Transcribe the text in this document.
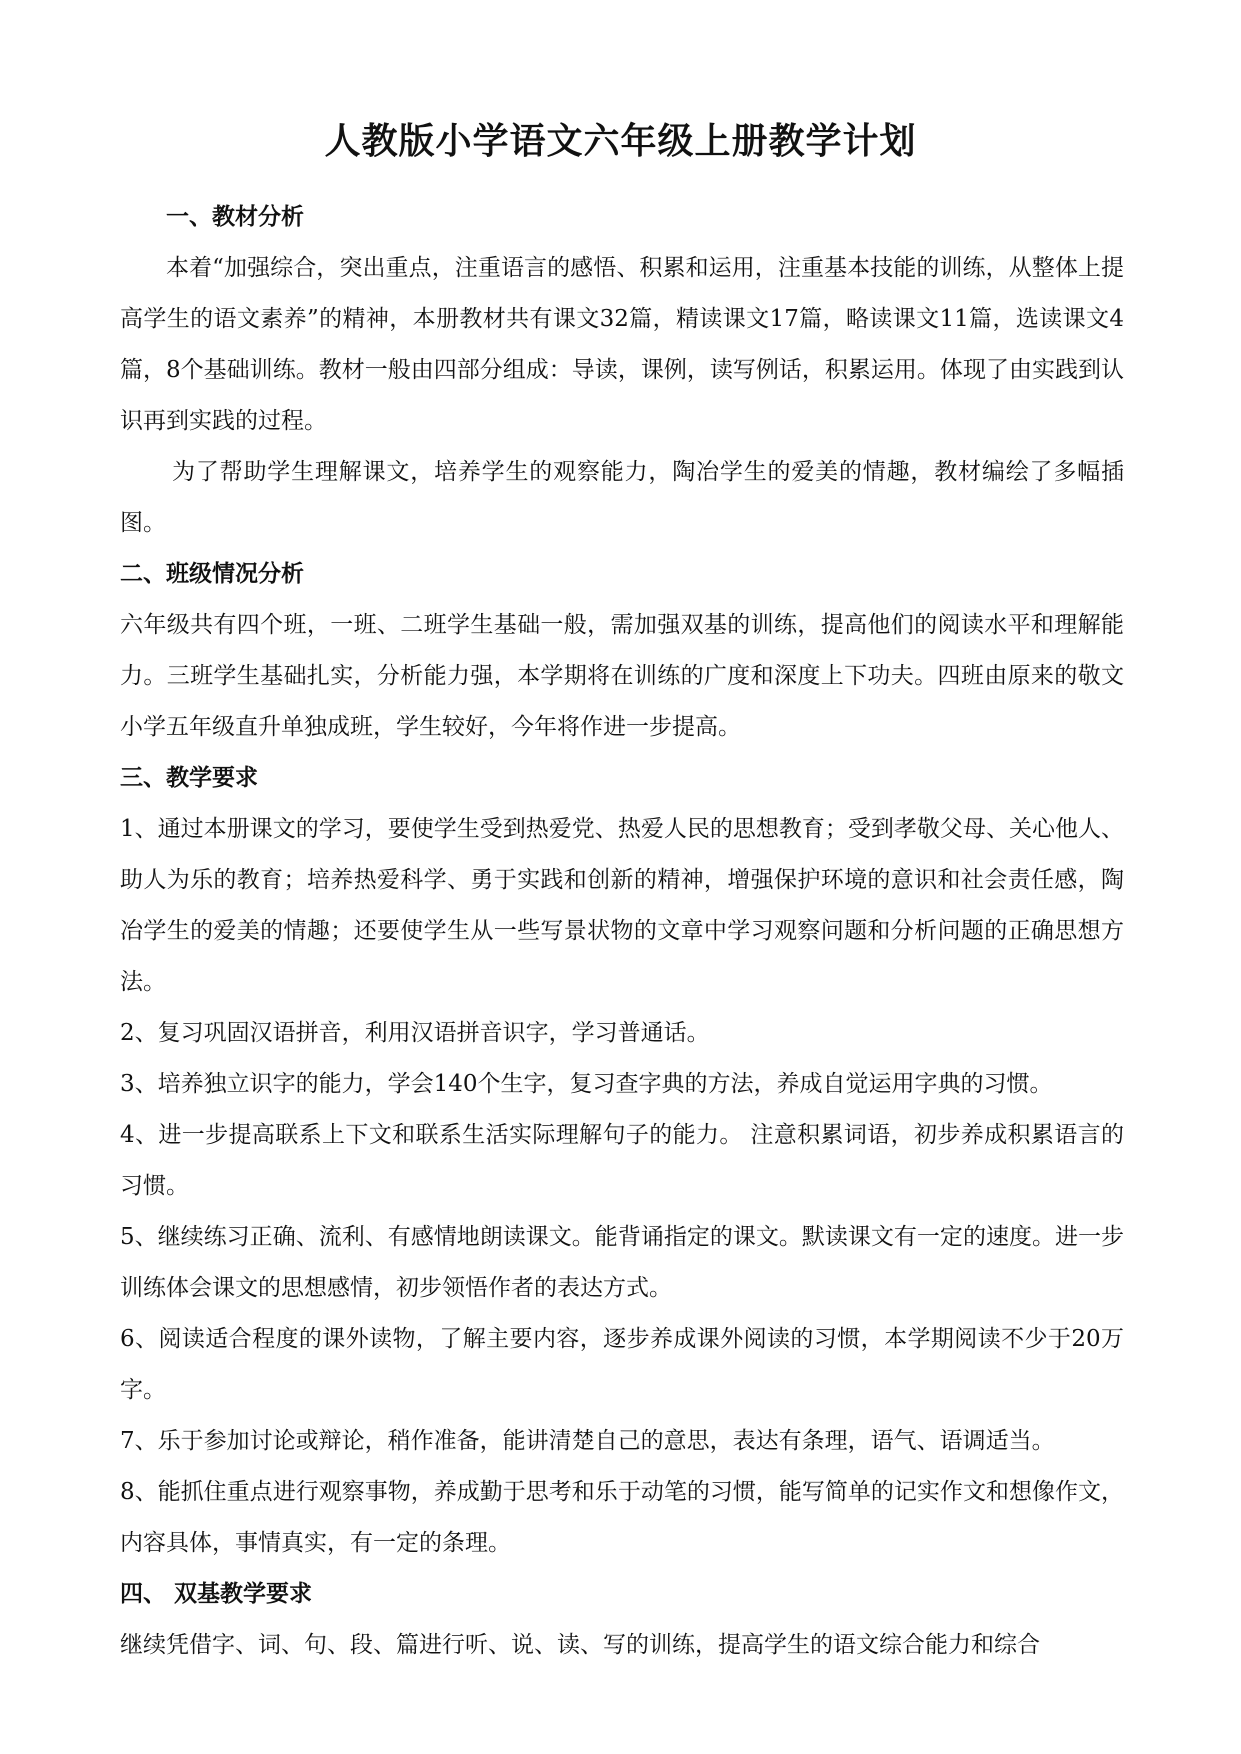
人教版小学语文六年级上册教学计划

一、教材分析

本着“加强综合，突出重点，注重语言的感悟、积累和运用，注重基本技能的训练，从整体上提高学生的语文素养”的精神，本册教材共有课文32篇，精读课文17篇，略读课文11篇，选读课文4篇，8个基础训练。教材一般由四部分组成：导读，课例，读写例话，积累运用。体现了由实践到认识再到实践的过程。

为了帮助学生理解课文，培养学生的观察能力，陶冶学生的爱美的情趣，教材编绘了多幅插图。

二、班级情况分析

六年级共有四个班，一班、二班学生基础一般，需加强双基的训练，提高他们的阅读水平和理解能力。三班学生基础扎实，分析能力强，本学期将在训练的广度和深度上下功夫。四班由原来的敬文小学五年级直升单独成班，学生较好，今年将作进一步提高。

三、教学要求

1、通过本册课文的学习，要使学生受到热爱党、热爱人民的思想教育；受到孝敬父母、关心他人、助人为乐的教育；培养热爱科学、勇于实践和创新的精神，增强保护环境的意识和社会责任感，陶冶学生的爱美的情趣；还要使学生从一些写景状物的文章中学习观察问题和分析问题的正确思想方法。

2、复习巩固汉语拼音，利用汉语拼音识字，学习普通话。

3、培养独立识字的能力，学会140个生字，复习查字典的方法，养成自觉运用字典的习惯。

4、进一步提高联系上下文和联系生活实际理解句子的能力。 注意积累词语，初步养成积累语言的习惯。

5、继续练习正确、流利、有感情地朗读课文。能背诵指定的课文。默读课文有一定的速度。进一步训练体会课文的思想感情，初步领悟作者的表达方式。

6、阅读适合程度的课外读物，了解主要内容，逐步养成课外阅读的习惯，本学期阅读不少于20万字。

7、乐于参加讨论或辩论，稍作准备，能讲清楚自己的意思，表达有条理，语气、语调适当。

8、能抓住重点进行观察事物，养成勤于思考和乐于动笔的习惯，能写简单的记实作文和想像作文，内容具体，事情真实，有一定的条理。

四、 双基教学要求

继续凭借字、词、句、段、篇进行听、说、读、写的训练，提高学生的语文综合能力和综合
